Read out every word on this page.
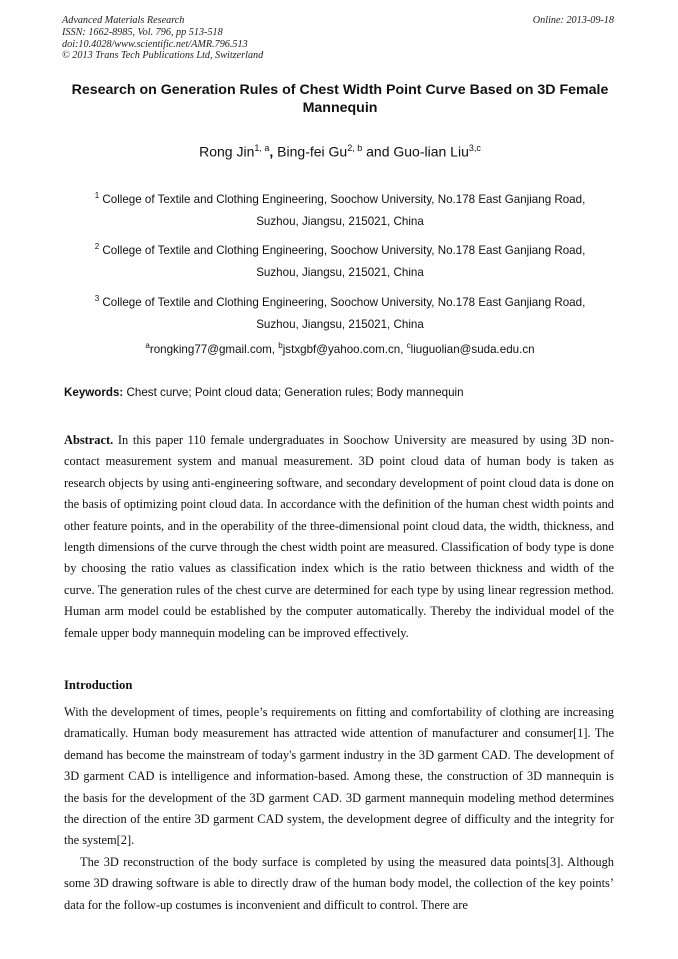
Advanced Materials Research
ISSN: 1662-8985, Vol. 796, pp 513-518
doi:10.4028/www.scientific.net/AMR.796.513
© 2013 Trans Tech Publications Ltd, Switzerland
Online: 2013-09-18
Research on Generation Rules of Chest Width Point Curve Based on 3D Female Mannequin
Rong Jin$^{1, a}$, Bing-fei Gu$^{2, b}$ and Guo-lian Liu$^{3,c}$
$^1$ College of Textile and Clothing Engineering, Soochow University, No.178 East Ganjiang Road,
Suzhou, Jiangsu, 215021, China
$^2$ College of Textile and Clothing Engineering, Soochow University, No.178 East Ganjiang Road,
Suzhou, Jiangsu, 215021, China
$^3$ College of Textile and Clothing Engineering, Soochow University, No.178 East Ganjiang Road,
Suzhou, Jiangsu, 215021, China
$^a$rongking77@gmail.com, $^b$jstxgbf@yahoo.com.cn, $^c$liuguolian@suda.edu.cn
Keywords: Chest curve; Point cloud data; Generation rules; Body mannequin

Abstract. In this paper 110 female undergraduates in Soochow University are measured by using 3D non-contact measurement system and manual measurement. 3D point cloud data of human body is taken as research objects by using anti-engineering software, and secondary development of point cloud data is done on the basis of optimizing point cloud data. In accordance with the definition of the human chest width points and other feature points, and in the operability of the three-dimensional point cloud data, the width, thickness, and length dimensions of the curve through the chest width point are measured. Classification of body type is done by choosing the ratio values as classification index which is the ratio between thickness and width of the curve. The generation rules of the chest curve are determined for each type by using linear regression method. Human arm model could be established by the computer automatically. Thereby the individual model of the female upper body mannequin modeling can be improved effectively.

Introduction

With the development of times, people’s requirements on fitting and comfortability of clothing are increasing dramatically. Human body measurement has attracted wide attention of manufacturer and consumer[1]. The demand has become the mainstream of today's garment industry in the 3D garment CAD. The development of 3D garment CAD is intelligence and information-based. Among these, the construction of 3D mannequin is the basis for the development of the 3D garment CAD. 3D garment mannequin modeling method determines the direction of the entire 3D garment CAD system, the development degree of difficulty and the integrity for the system[2].

The 3D reconstruction of the body surface is completed by using the measured data points[3]. Although some 3D drawing software is able to directly draw of the human body model, the collection of the key points’ data for the follow-up costumes is inconvenient and difficult to control. There are
